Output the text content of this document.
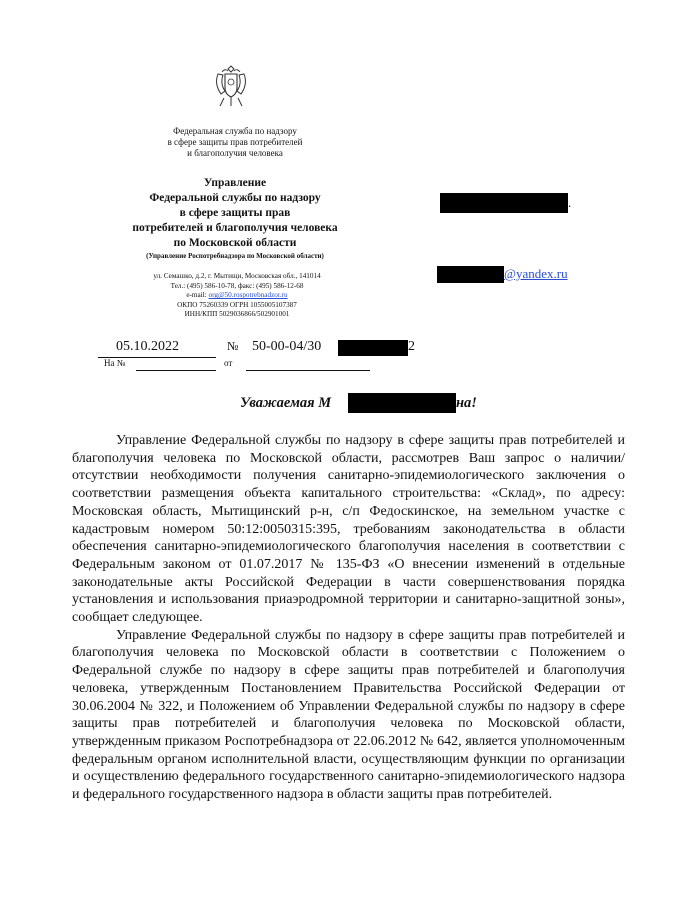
Федеральная служба по надзору
в сфере защиты прав потребителей
и благополучия человека
Управление
Федеральной службы по надзору
в сфере защиты прав
потребителей и благополучия человека
по Московской области
(Управление Роспотребнадзора по Московской области)
ул. Семашко, д.2, г. Мытищи, Московская обл., 141014
Тел.: (495) 586-10-78, факс: (495) 586-12-68
e-mail: org@50.rospotrebnadzor.ru
ОКПО 75260339 ОГРН 1055005107387
ИНН/КПП 5029036866/502901001
.
@yandex.ru
05.10.2022	№ 50-00-04/30	2
На №	от
Уважаемая М	на!

Управление Федеральной службы по надзору в сфере защиты прав потребителей и благополучия человека по Московской области, рассмотрев Ваш запрос о наличии/отсутствии необходимости получения санитарно-эпидемиологического заключения о соответствии размещения объекта капитального строительства: «Склад», по адресу: Московская область, Мытищинский р-н, с/п Федоскинское, на земельном участке с кадастровым номером 50:12:0050315:395, требованиям законодательства в области обеспечения санитарно-эпидемиологического благополучия населения в соответствии с Федеральным законом от 01.07.2017 № 135-ФЗ «О внесении изменений в отдельные законодательные акты Российской Федерации в части совершенствования порядка установления и использования приаэродромной территории и санитарно-защитной зоны», сообщает следующее.

Управление Федеральной службы по надзору в сфере защиты прав потребителей и благополучия человека по Московской области в соответствии с Положением о Федеральной службе по надзору в сфере защиты прав потребителей и благополучия человека, утвержденным Постановлением Правительства Российской Федерации от 30.06.2004 № 322, и Положением об Управлении Федеральной службы по надзору в сфере защиты прав потребителей и благополучия человека по Московской области, утвержденным приказом Роспотребнадзора от 22.06.2012 № 642, является уполномоченным федеральным органом исполнительной власти, осуществляющим функции по организации и осуществлению федерального государственного санитарно-эпидемиологического надзора и федерального государственного надзора в области защиты прав потребителей.
